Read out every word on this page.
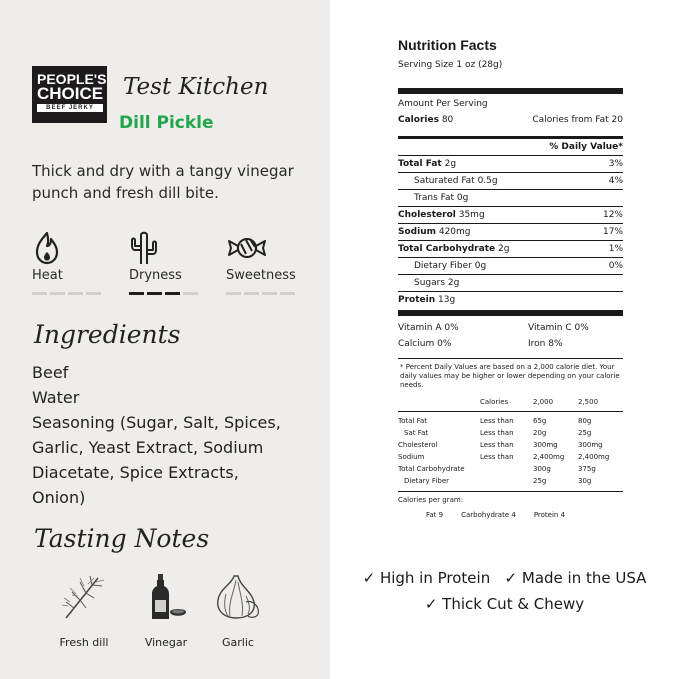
PEOPLE'S
CHOICE
BEEF JERKY
Test Kitchen
Dill Pickle
Thick and dry with a tangy vinegar punch and fresh dill bite.
Heat	Dryness	Sweetness
Ingredients
Beef
Water
Seasoning (Sugar, Salt, Spices,
Garlic, Yeast Extract, Sodium
Diacetate, Spice Extracts,
Onion)
Tasting Notes
Fresh dill	Vinegar	Garlic
Nutrition Facts
Serving Size 1 oz (28g)
Amount Per Serving
Calories 80	Calories from Fat 20
% Daily Value*
Total Fat 2g	3%
Saturated Fat 0.5g	4%
Trans Fat 0g
Cholesterol 35mg	12%
Sodium 420mg	17%
Total Carbohydrate 2g	1%
Dietary Fiber 0g	0%
Sugars 2g
Protein 13g
Vitamin A 0%	Vitamin C 0%
Calcium 0%	Iron 8%
* Percent Daily Values are based on a 2,000 calorie diet. Your daily values may be higher or lower depending on your calorie needs.
	Calories	2,000	2,500

Total Fat	Less than	65g	80g
Sat Fat	Less than	20g	25g
Cholesterol	Less than	300mg	300mg
Sodium	Less than	2,400mg	2,400mg
Total Carbohydrate		300g	375g
Dietary Fiber		25g	30g
Calories per gram:
Fat 9	Carbohydrate 4	Protein 4
✓ High in Protein ✓ Made in the USA
✓ Thick Cut & Chewy
